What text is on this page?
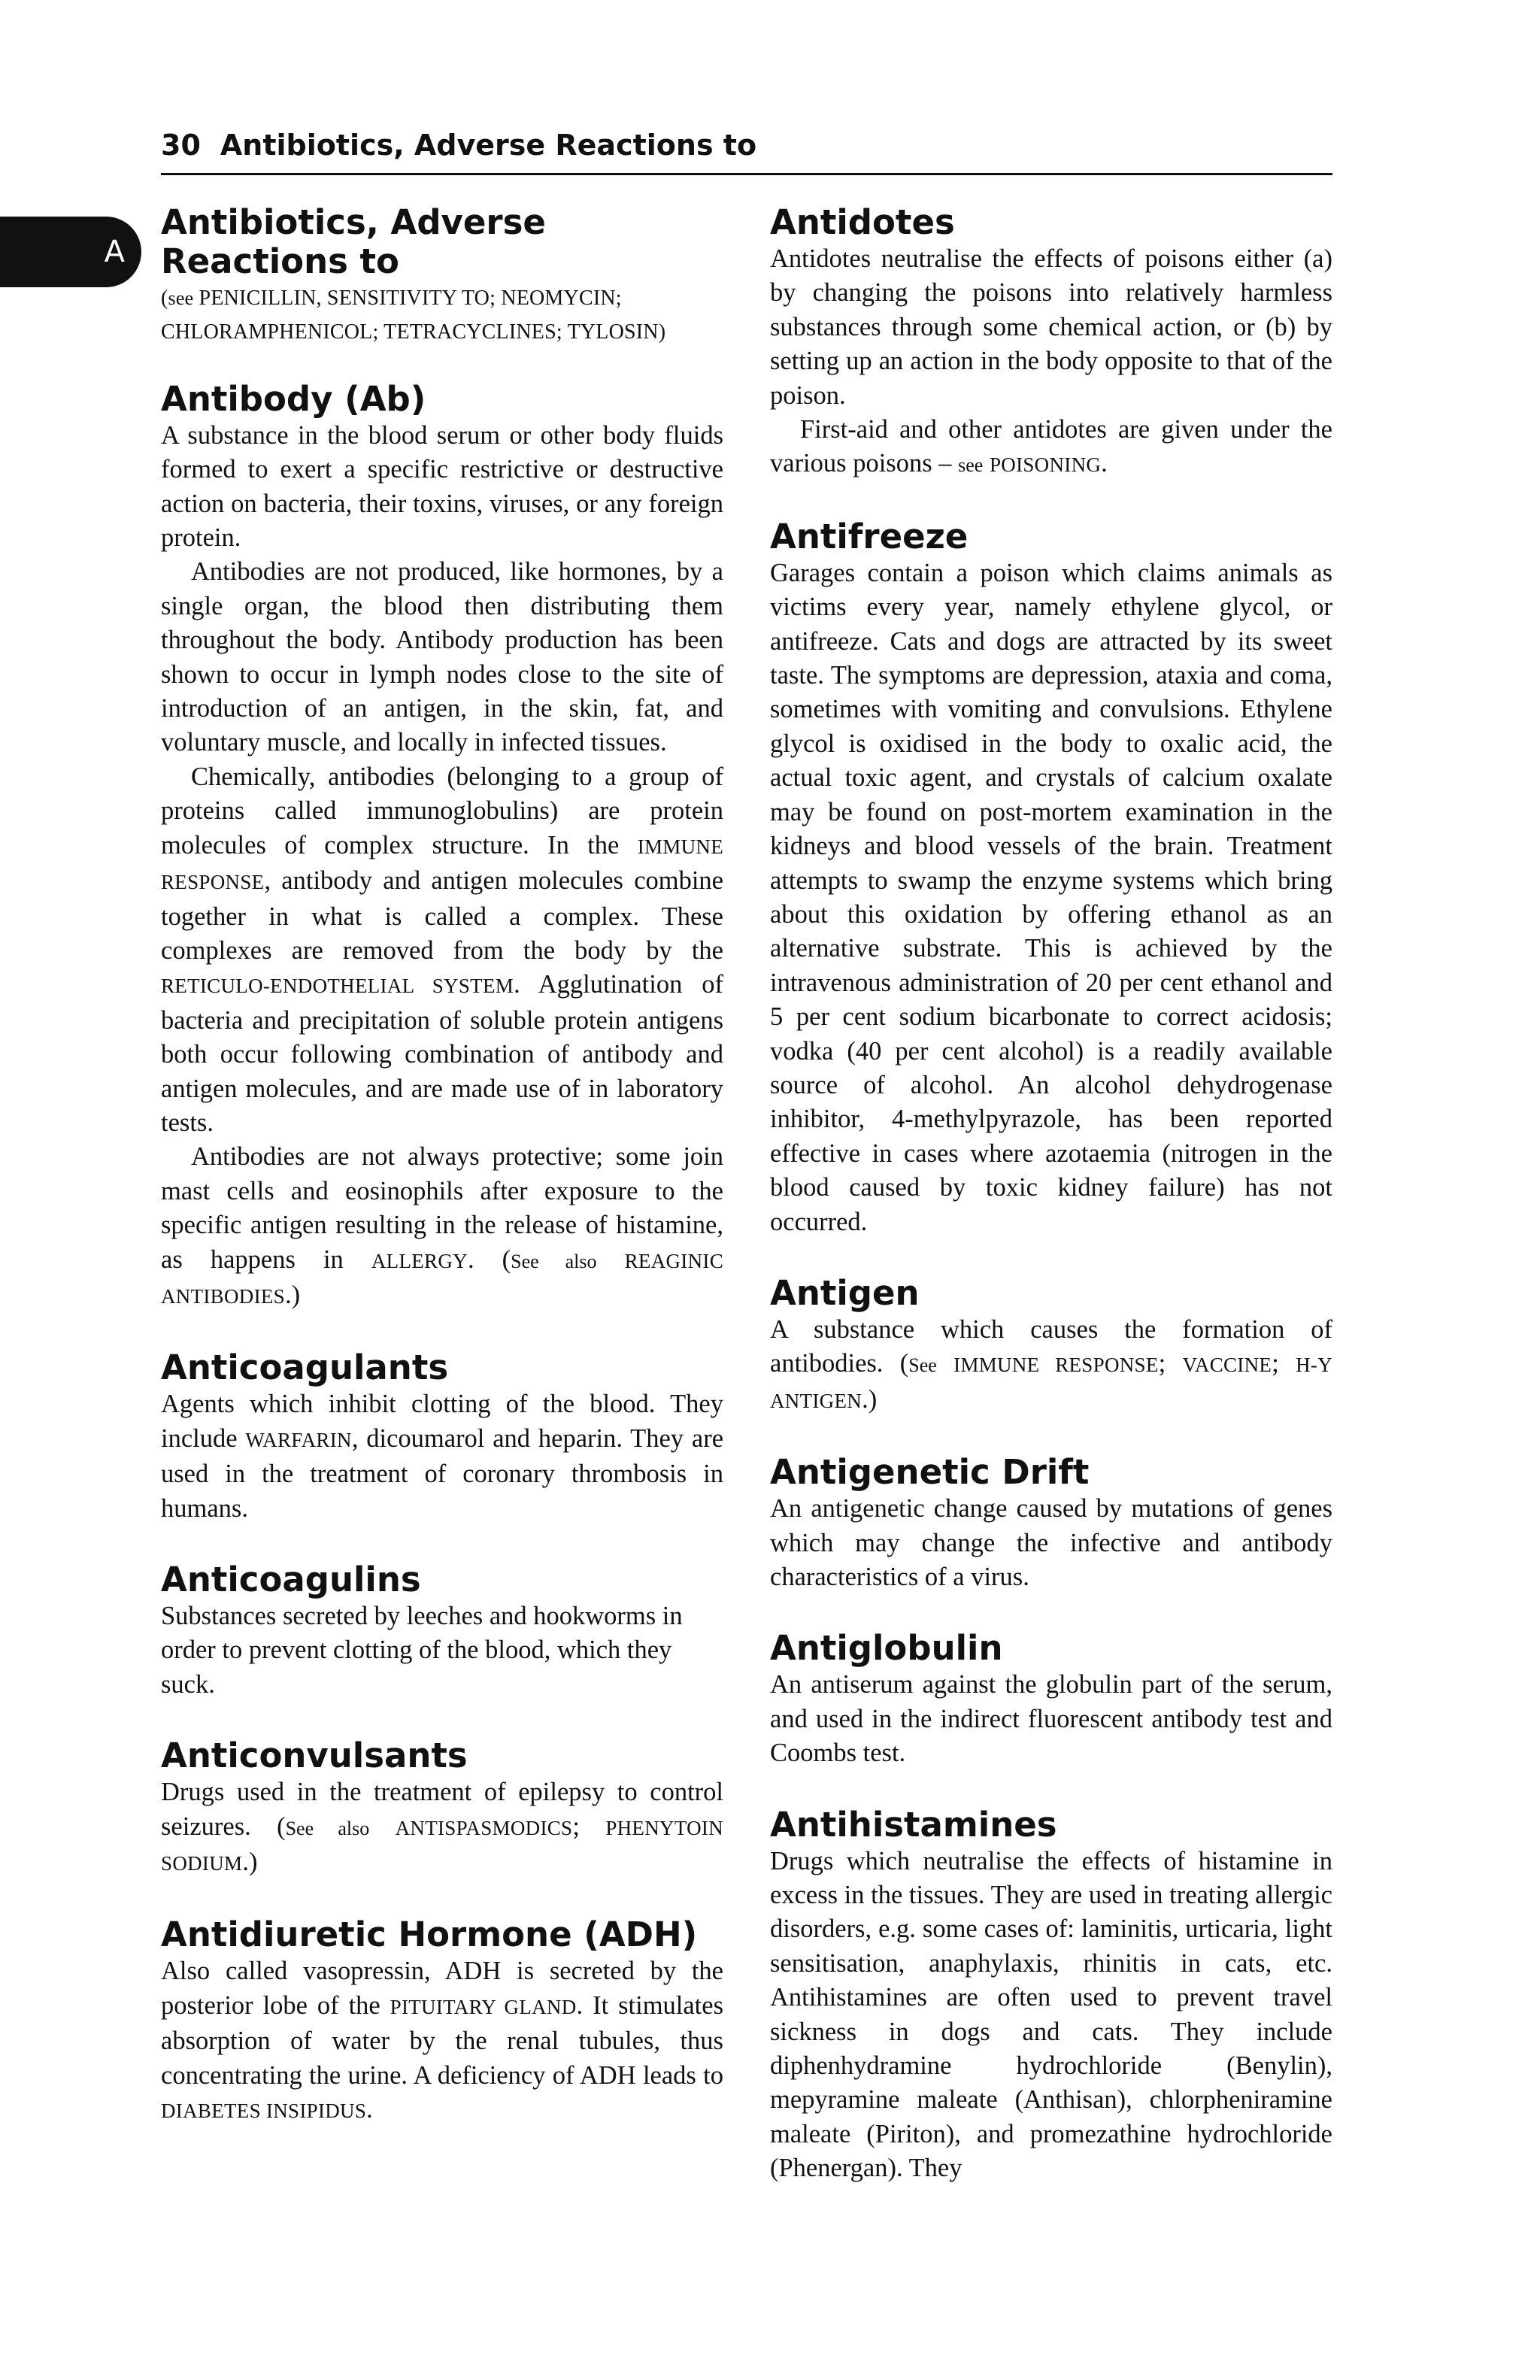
30 Antibiotics, Adverse Reactions to
A
Antibiotics, Adverse
Reactions to

(see PENICILLIN, SENSITIVITY TO; NEOMYCIN; CHLORAMPHENICOL; TETRACYCLINES; TYLOSIN)

Antibody (Ab)

A substance in the blood serum or other body fluids formed to exert a specific restrictive or destructive action on bacteria, their toxins, viruses, or any foreign protein.

Antibodies are not produced, like hormones, by a single organ, the blood then distributing them throughout the body. Antibody production has been shown to occur in lymph nodes close to the site of introduction of an antigen, in the skin, fat, and voluntary muscle, and locally in infected tissues.

Chemically, antibodies (belonging to a group of proteins called immunoglobulins) are protein molecules of complex structure. In the IMMUNE RESPONSE, antibody and antigen molecules combine together in what is called a complex. These complexes are removed from the body by the RETICULO-ENDOTHELIAL SYSTEM. Agglutination of bacteria and precipitation of soluble protein antigens both occur following combination of antibody and antigen molecules, and are made use of in laboratory tests.

Antibodies are not always protective; some join mast cells and eosinophils after exposure to the specific antigen resulting in the release of histamine, as happens in ALLERGY. (See also REAGINIC ANTIBODIES.)

Anticoagulants

Agents which inhibit clotting of the blood. They include WARFARIN, dicoumarol and heparin. They are used in the treatment of coronary thrombosis in humans.

Anticoagulins

Substances secreted by leeches and hookworms in order to prevent clotting of the blood, which they suck.

Anticonvulsants

Drugs used in the treatment of epilepsy to control seizures. (See also ANTISPASMODICS; PHENYTOIN SODIUM.)

Antidiuretic Hormone (ADH)

Also called vasopressin, ADH is secreted by the posterior lobe of the PITUITARY GLAND. It stimulates absorption of water by the renal tubules, thus concentrating the urine. A deficiency of ADH leads to DIABETES INSIPIDUS.

Antidotes

Antidotes neutralise the effects of poisons either (a) by changing the poisons into relatively harmless substances through some chemical action, or (b) by setting up an action in the body opposite to that of the poison.

First-aid and other antidotes are given under the various poisons – see POISONING.

Antifreeze

Garages contain a poison which claims animals as victims every year, namely ethylene glycol, or antifreeze. Cats and dogs are attracted by its sweet taste. The symptoms are depression, ataxia and coma, sometimes with vomiting and convulsions. Ethylene glycol is oxidised in the body to oxalic acid, the actual toxic agent, and crystals of calcium oxalate may be found on post-mortem examination in the kidneys and blood vessels of the brain. Treatment attempts to swamp the enzyme systems which bring about this oxidation by offering ethanol as an alternative substrate. This is achieved by the intravenous administration of 20 per cent ethanol and 5 per cent sodium bicarbonate to correct acidosis; vodka (40 per cent alcohol) is a readily available source of alcohol. An alcohol dehydrogenase inhibitor, 4-methylpyrazole, has been reported effective in cases where azotaemia (nitrogen in the blood caused by toxic kidney failure) has not occurred.

Antigen

A substance which causes the formation of antibodies. (See IMMUNE RESPONSE; VACCINE; H-Y ANTIGEN.)

Antigenetic Drift

An antigenetic change caused by mutations of genes which may change the infective and antibody characteristics of a virus.

Antiglobulin

An antiserum against the globulin part of the serum, and used in the indirect fluorescent antibody test and Coombs test.

Antihistamines

Drugs which neutralise the effects of histamine in excess in the tissues. They are used in treating allergic disorders, e.g. some cases of: laminitis, urticaria, light sensitisation, anaphylaxis, rhinitis in cats, etc. Antihistamines are often used to prevent travel sickness in dogs and cats. They include diphenhydramine hydrochloride (Benylin), mepyramine maleate (Anthisan), chlorpheniramine maleate (Piriton), and promezathine hydrochloride (Phenergan). They
